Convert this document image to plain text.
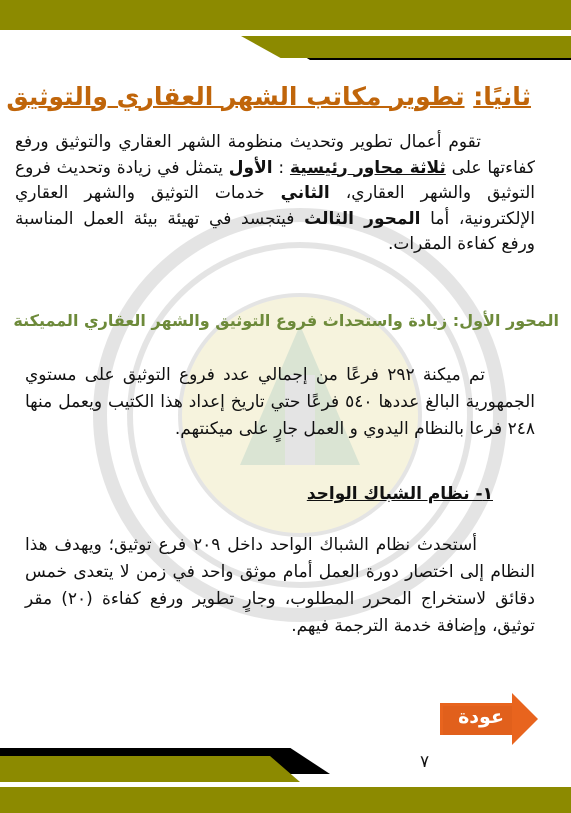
ثانيًا: تطوير مكاتب الشهر العقاري والتوثيق

تقوم أعمال تطوير وتحديث منظومة الشهر العقاري والتوثيق ورفع كفاءتها على ثلاثة محاور رئيسية : الأول يتمثل في زيادة وتحديث فروع التوثيق والشهر العقاري، الثاني خدمات التوثيق والشهر العقاري الإلكترونية، أما المحور الثالث فيتجسد في تهيئة بيئة العمل المناسبة ورفع كفاءة المقرات.

المحور الأول: زيادة واستحداث فروع التوثيق والشهر العقاري المميكنة

تم ميكنة ٢٩٢ فرعًا من إجمالي عدد فروع التوثيق على مستوي الجمهورية البالغ عددها ٥٤٠ فرعًا حتي تاريخ إعداد هذا الكتيب ويعمل منها ٢٤٨ فرعا بالنظام اليدوي و العمل جارٍ على ميكنتهم.

١- نظام الشباك الواحد

أستحدث نظام الشباك الواحد داخل ٢٠٩ فرع توثيق؛ ويهدف هذا النظام إلى اختصار دورة العمل أمام موثق واحد في زمن لا يتعدى خمس دقائق لاستخراج المحرر المطلوب، وجارٍ تطوير ورفع كفاءة (٢٠) مقر توثيق، وإضافة خدمة الترجمة فيهم.

عودة
٧
